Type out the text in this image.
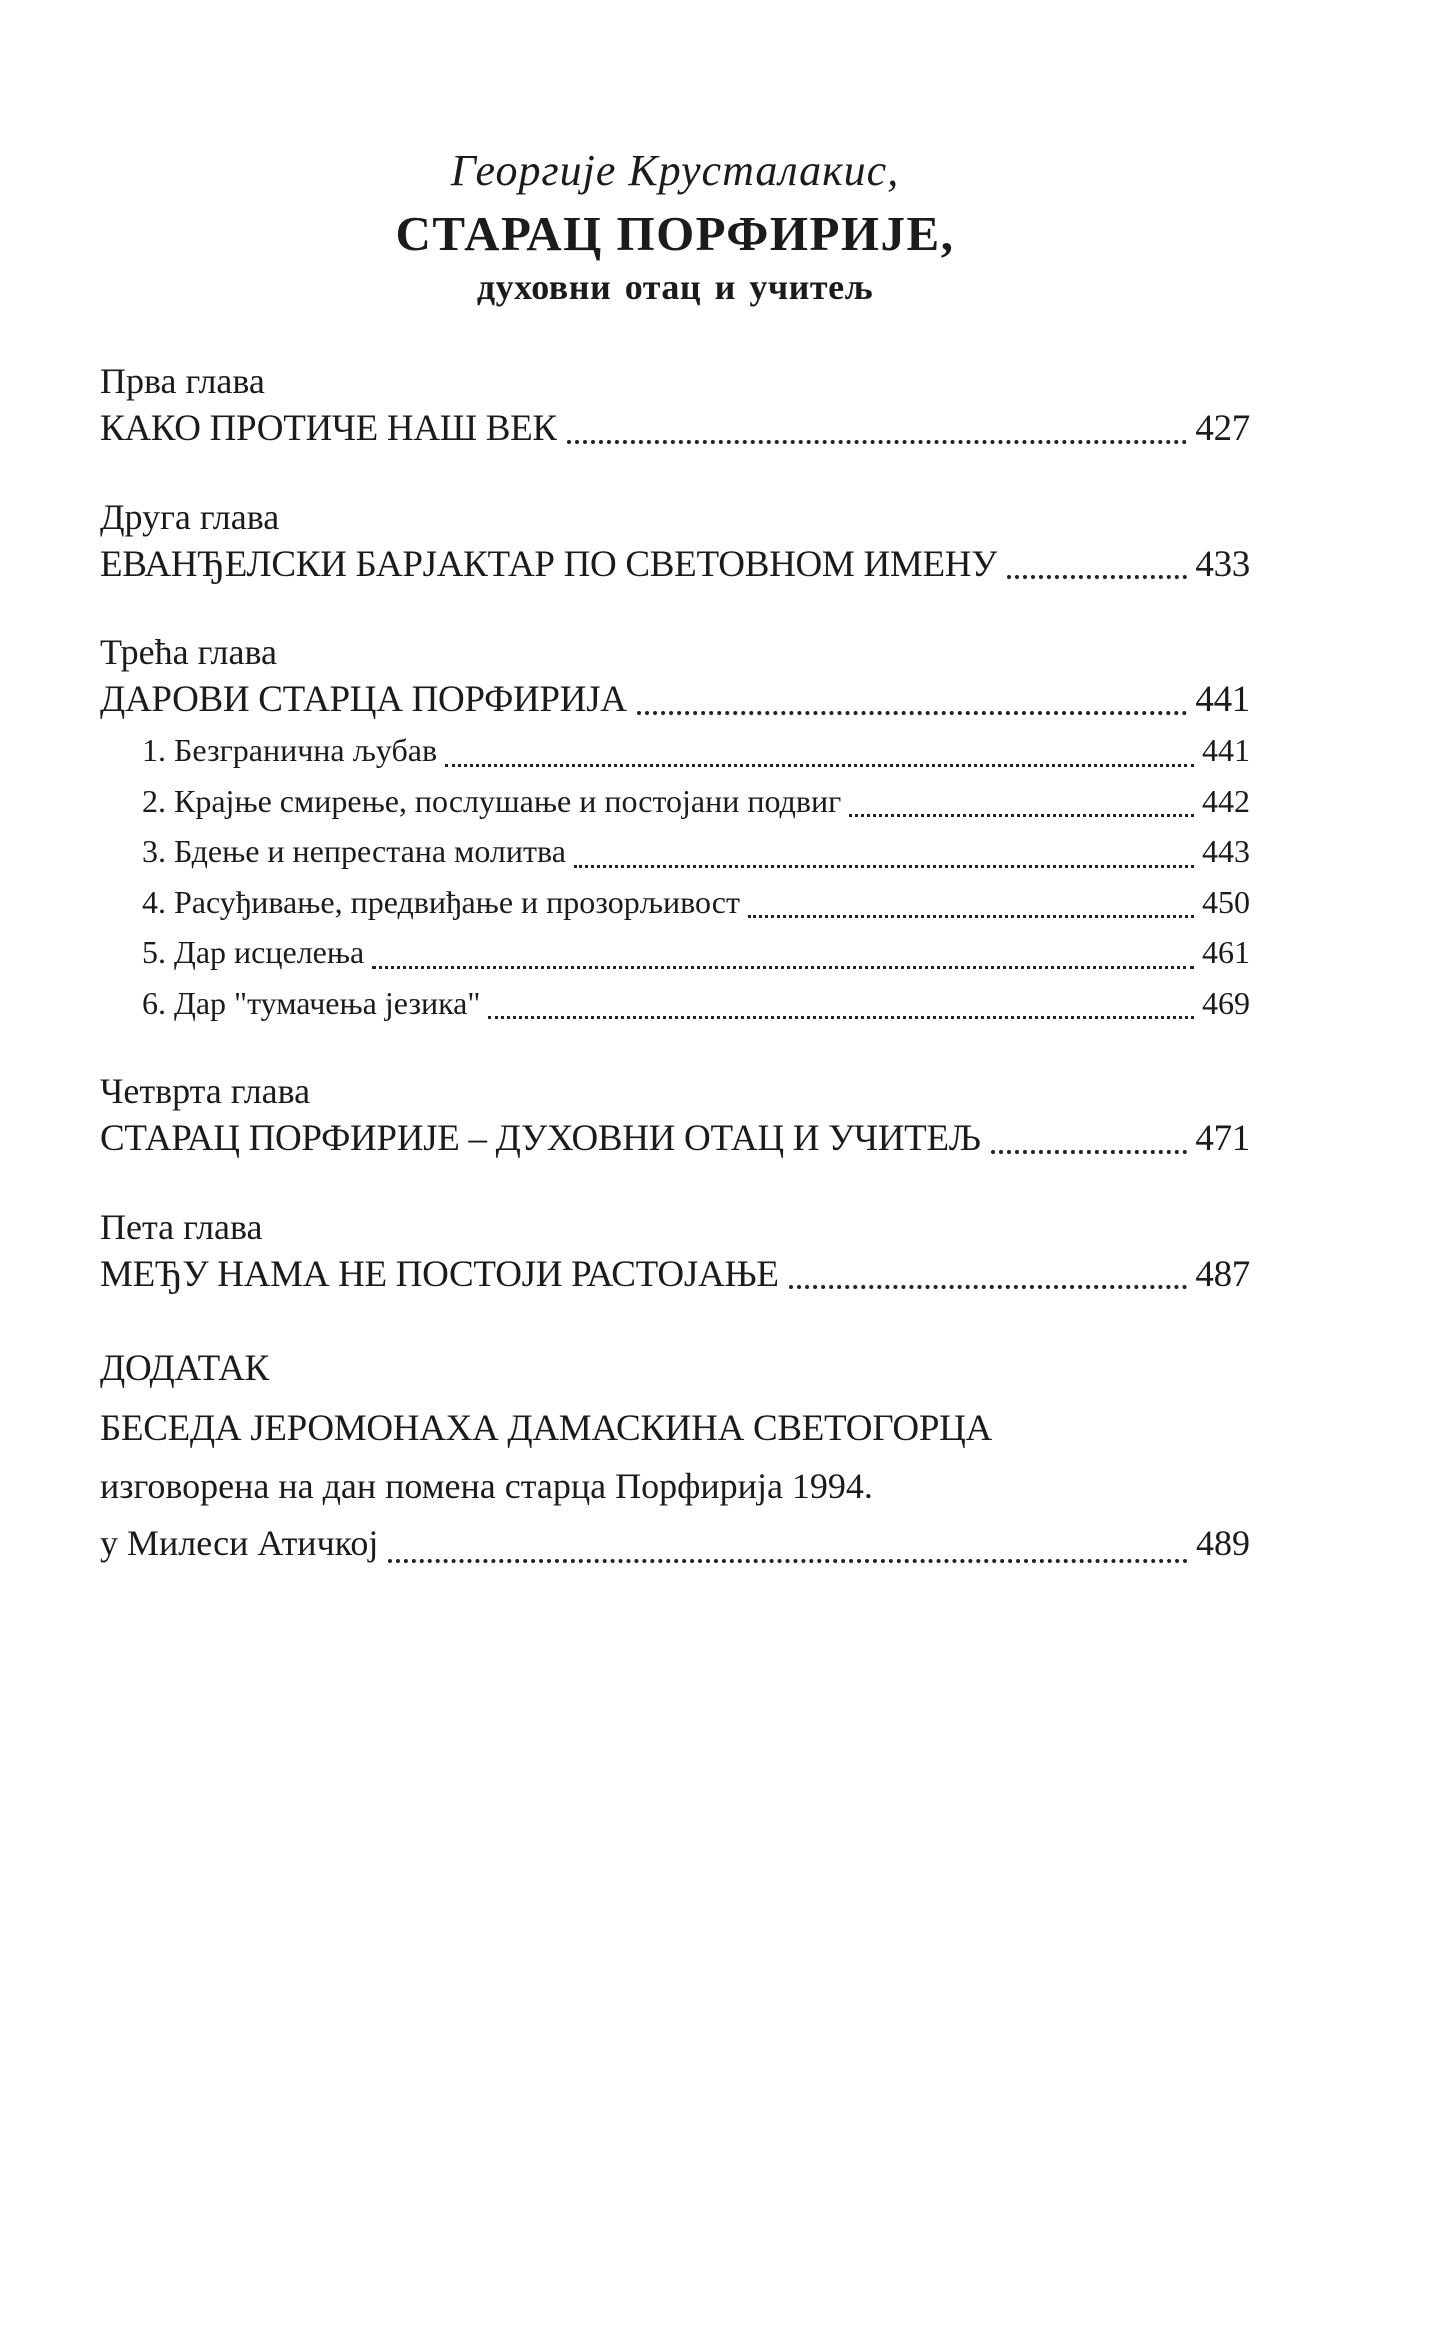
Георгије Крусталакис,
СТАРАЦ ПОРФИРИЈЕ,
духовни отац и учитељ
Прва глава
КАКО ПРОТИЧЕ НАШ ВЕК	427
Друга глава
ЕВАНЂЕЛСКИ БАРЈАКТАР ПО СВЕТОВНОМ ИМЕНУ	433
Трећа глава
ДАРОВИ СТАРЦА ПОРФИРИЈА	441
1. Безгранична љубав	441
2. Крајње смирење, послушање и постојани подвиг	442
3. Бдење и непрестана молитва	443
4. Расуђивање, предвиђање и прозорљивост	450
5. Дар исцелења	461
6. Дар "тумачења језика"	469
Четврта глава
СТАРАЦ ПОРФИРИЈЕ – ДУХОВНИ ОТАЦ И УЧИТЕЉ	471
Пета глава
МЕЂУ НАМА НЕ ПОСТОЈИ РАСТОЈАЊЕ	487
ДОДАТАК
БЕСЕДА ЈЕРОМОНАХА ДАМАСКИНА СВЕТОГОРЦА
изговорена на дан помена старца Порфирија 1994.
у Милеси Атичкој	489
